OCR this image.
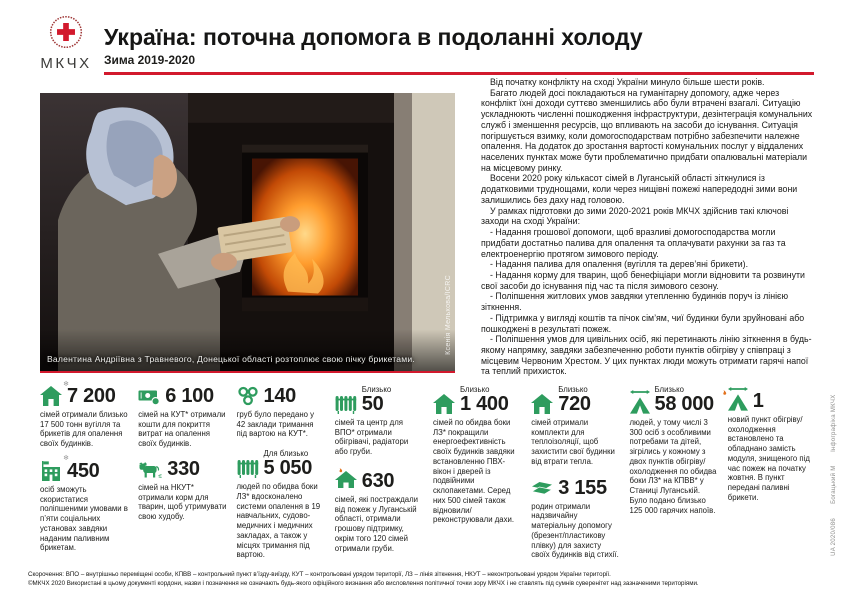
МКЧХ
Україна: поточна допомога в подоланні холоду
Зима 2019-2020
Валентина Андріївна з Травневого, Донецької області розтоплює свою пічку брикетами.
Ксенія Мельхова/ICRC

Від початку конфлікту на сході України минуло більше шести років.

Багато людей досі покладаються на гуманітарну допомогу, адже через конфлікт їхні доходи суттєво зменшились або були втрачені взагалі. Ситуацію ускладнюють численні пошкодження інфраструктури, дезінтеграція комунальних служб і зменшення ресурсів, що впливають на засоби до існування. Ситуація погіршується взимку, коли домогосподарствам потрібно забезпечити належне опалення. На додаток до зростання вартості комунальних послуг у віддалених населених пунктах може бути проблематично придбати опалювальні матеріали на місцевому ринку.

Восени 2020 року кількасот сімей в Луганській області зіткнулися із додатковими труднощами, коли через нищівні пожежі напередодні зими вони залишились без даху над головою.

У рамках підготовки до зими 2020-2021 років МКЧХ здійснив такі ключові заходи на сході України:

- Надання грошової допомоги, щоб вразливі домогосподарства могли придбати достатньо палива для опалення та оплачувати рахунки за газ та електроенергію протягом зимового періоду.

- Надання палива для опалення (вугілля та дерев’яні брикети).

- Надання корму для тварин, щоб бенефіціари могли відновити та розвинути свої засоби до існування під час та після зимового сезону.

- Поліпшення житлових умов завдяки утепленню будинків поруч із лінією зіткнення.

- Підтримка у вигляді коштів та пічок сім’ям, чиї будинки були зруйновані або пошкоджені в результаті пожеж.

- Поліпшення умов для цивільних осіб, які перетинають лінію зіткнення в будь-якому напрямку, завдяки забезпеченню роботи пунктів обігріву у співпраці з місцевим Червоним Хрестом. У цих пунктах люди можуть отримати гарячі напої та теплий прихисток.

❄
7 200
сімей отримали близько 17 500 тонн вугілля та брикетів для опалення своїх будинків.
❄
450
осіб зможуть скористатися поліпшеними умовами в п’яти соціальних установах завдяки наданим паливним брикетам.
6 100
сімей на КУТ* отримали кошти для покриття витрат на опалення своїх будинків.
330
сімей на НКУТ* отримали корм для тварин, щоб утримувати свою худобу.
140
груб було передано у 42 заклади тримання під вартою на КУТ*.
Для близько
5 050
людей по обидва боки ЛЗ* вдосконалено системи опалення в 19 навчальних, судово-медичних і медичних закладах, а також у місцях тримання під вартою.
Близько
50
сімей та центр для ВПО* отримали обігрівачі, радіатори або груби.
630
сімей, які постраждали від пожеж у Луганській області, отримали грошову підтримку, окрім того 120 сімей отримали груби.
Близько
1 400
сімей по обидва боки ЛЗ* покращили енергоефективність своїх будинків завдяки встановленню ПВХ-вікон і дверей із подвійними склопакетами. Серед них 500 сімей також відновили/реконструювали дахи.
Близько
720
сімей отримали комплекти для теплоізоляції, щоб захистити свої будинки від втрати тепла.
3 155
родин отримали надзвичайну матеріальну допомогу (брезент/пластикову плівку) для захисту своїх будинків від стихії.
Близько
58 000
людей, у тому числі 3 300 осіб з особливими потребами та дітей, зігрілись у кожному з двох пунктів обігріву/охолодження по обидва боки ЛЗ* на КПВВ* у Станиці Луганській. Було подано близько 125 000 гарячих напоїв.
1
новий пункт обігріву/охолодження встановлено та обладнано замість модуля, знищеного під час пожеж на початку жовтня. В пункт передані паливні брикети.

Скорочення: ВПО – внутрішньо переміщені особи, КПВВ – контрольний пункт в’їзду-виїзду, КУТ – контрольовані урядом території, ЛЗ – лінія зіткнення, НКУТ – неконтрольовані урядом України території.

©МКЧХ 2020 Використані в цьому документі кордони, назви і позначення не означають будь-якого офіційного визнання або висловлення політичної точки зору МКЧХ і не ставлять під сумнів суверенітет над зазначеними територіями.

UA 2020/086 Богацький М Інфографіка МКЧХ
